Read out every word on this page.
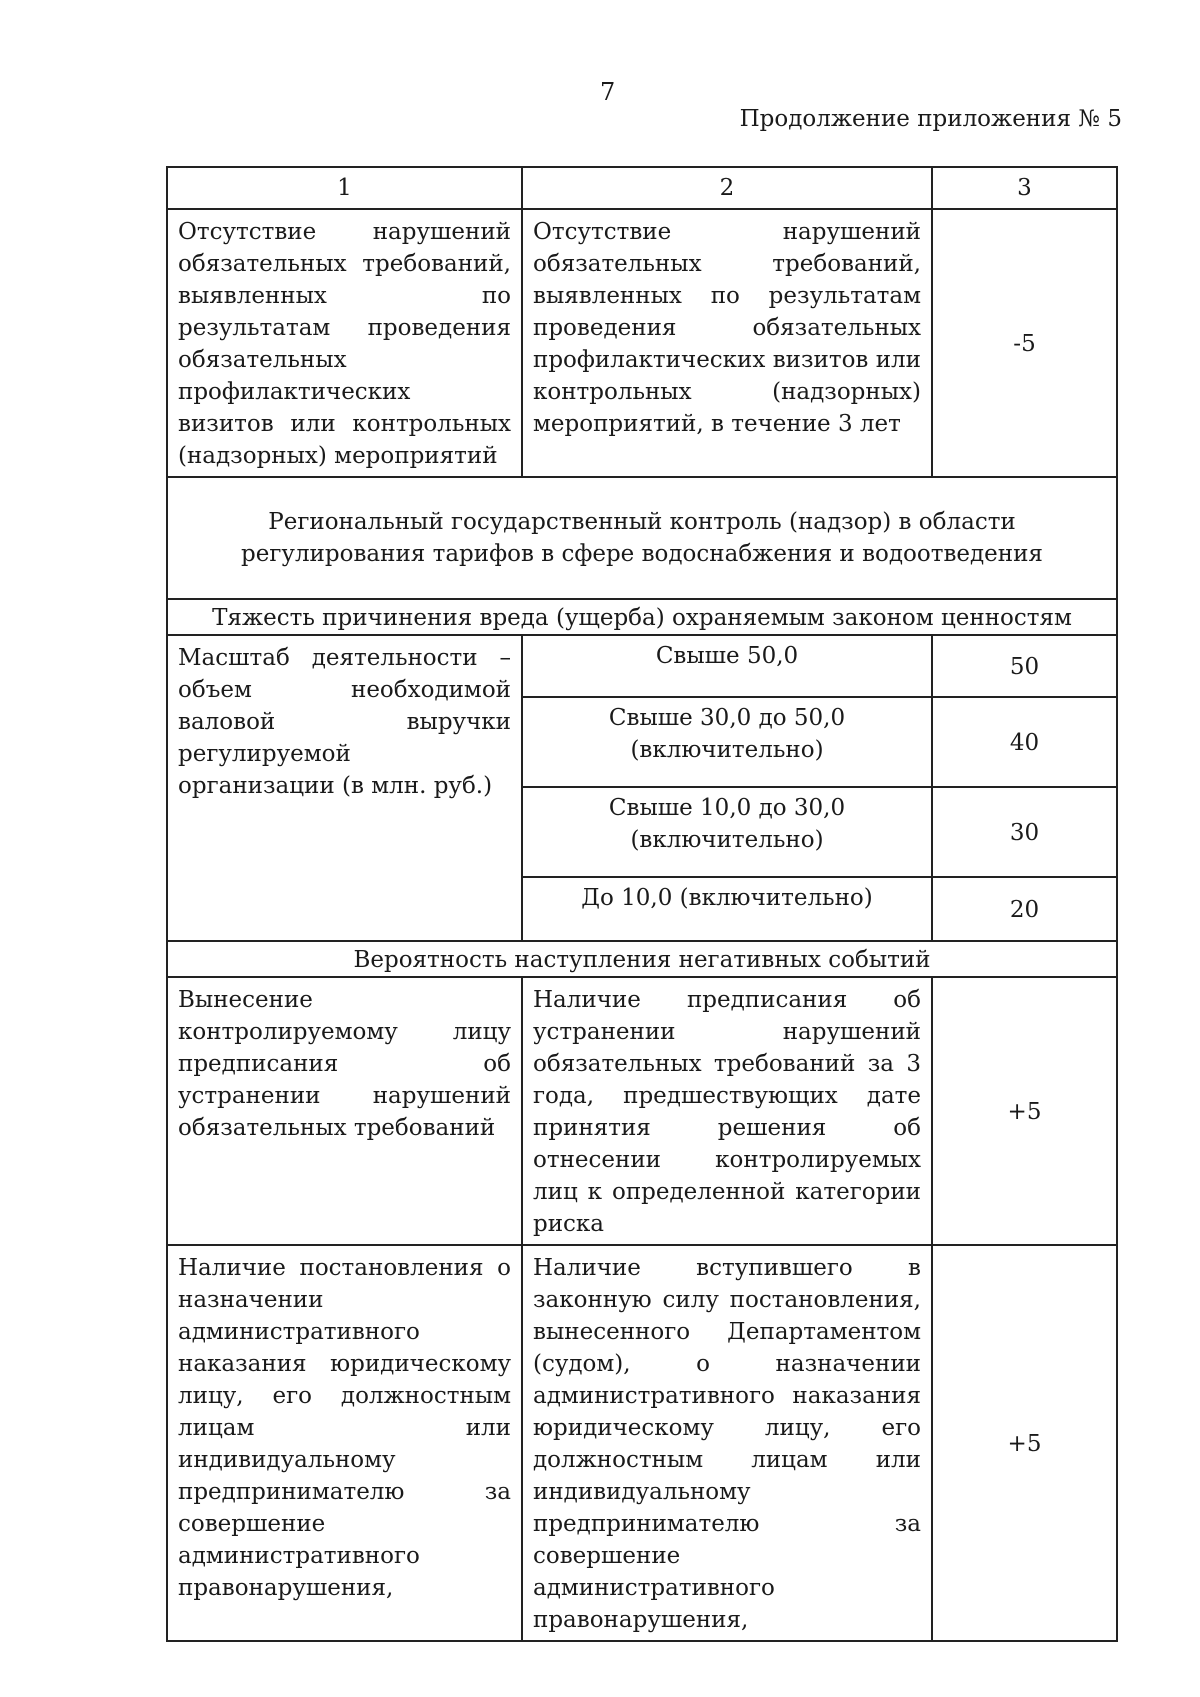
7
Продолжение приложения № 5
1	2	3
Отсутствие нарушений обязательных требований, выявленных по результатам проведения обязательных профилактических визитов или контрольных (надзорных) мероприятий	Отсутствие нарушений обязательных требований, выявленных по результатам проведения обязательных профилактических визитов или контрольных (надзорных) мероприятий, в течение 3 лет	-5
Региональный государственный контроль (надзор) в области регулирования тарифов в сфере водоснабжения и водоотведения		
Тяжесть причинения вреда (ущерба) охраняемым законом ценностям		
Масштаб деятельности – объем необходимой валовой выручки регулируемой организации (в млн. руб.)	Свыше 50,0	50
	Свыше 30,0 до 50,0 (включительно)	40
	Свыше 10,0 до 30,0 (включительно)	30
	До 10,0 (включительно)	20
Вероятность наступления негативных событий		
Вынесение контролируемому лицу предписания об устранении нарушений обязательных требований	Наличие предписания об устранении нарушений обязательных требований за 3 года, предшествующих дате принятия решения об отнесении контролируемых лиц к определенной категории риска	+5
Наличие постановления о назначении административного наказания юридическому лицу, его должностным лицам или индивидуальному предпринимателю за совершение административного правонарушения,	Наличие вступившего в законную силу постановления, вынесенного Департаментом (судом), о назначении административного наказания юридическому лицу, его должностным лицам или индивидуальному предпринимателю за совершение административного правонарушения,	+5
